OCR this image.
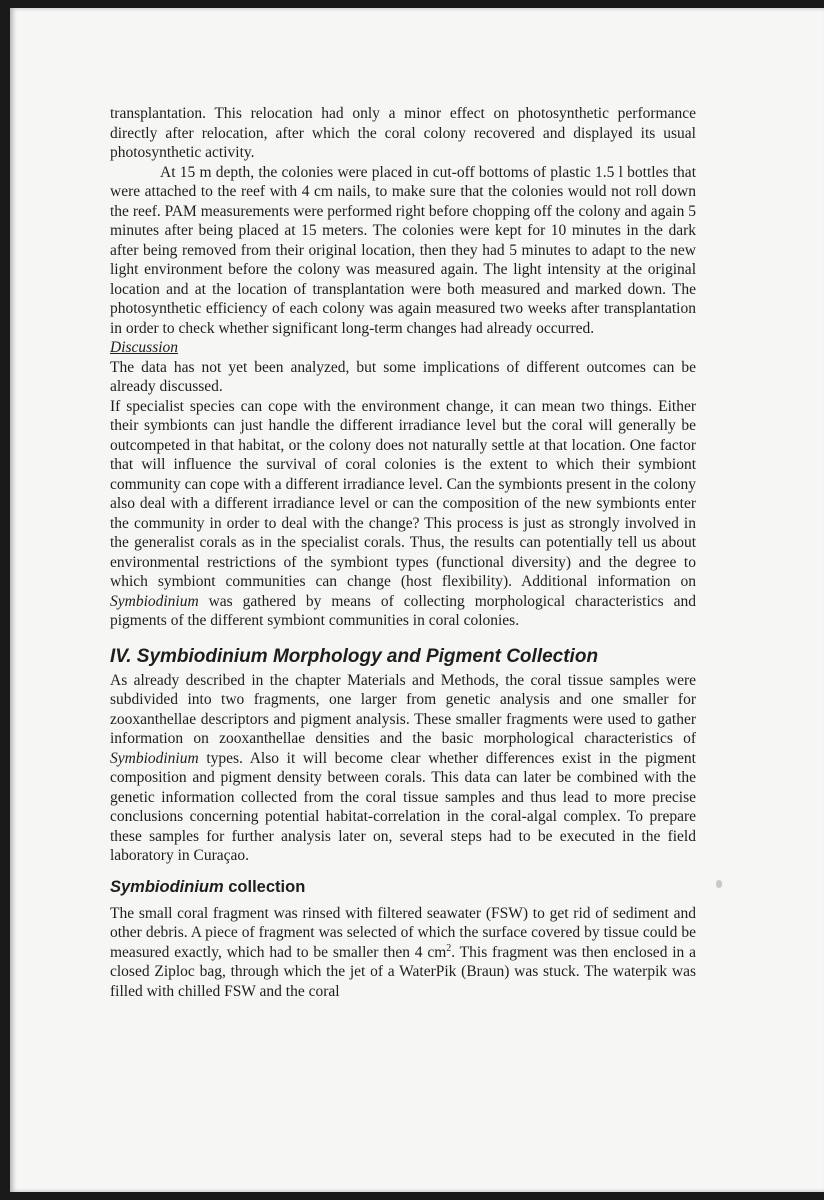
transplantation. This relocation had only a minor effect on photosynthetic performance directly after relocation, after which the coral colony recovered and displayed its usual photosynthetic activity.

At 15 m depth, the colonies were placed in cut-off bottoms of plastic 1.5 l bottles that were attached to the reef with 4 cm nails, to make sure that the colonies would not roll down the reef. PAM measurements were performed right before chopping off the colony and again 5 minutes after being placed at 15 meters. The colonies were kept for 10 minutes in the dark after being removed from their original location, then they had 5 minutes to adapt to the new light environment before the colony was measured again. The light intensity at the original location and at the location of transplantation were both measured and marked down. The photosynthetic efficiency of each colony was again measured two weeks after transplantation in order to check whether significant long-term changes had already occurred.

Discussion

The data has not yet been analyzed, but some implications of different outcomes can be already discussed.

If specialist species can cope with the environment change, it can mean two things. Either their symbionts can just handle the different irradiance level but the coral will generally be outcompeted in that habitat, or the colony does not naturally settle at that location. One factor that will influence the survival of coral colonies is the extent to which their symbiont community can cope with a different irradiance level. Can the symbionts present in the colony also deal with a different irradiance level or can the composition of the new symbionts enter the community in order to deal with the change? This process is just as strongly involved in the generalist corals as in the specialist corals. Thus, the results can potentially tell us about environmental restrictions of the symbiont types (functional diversity) and the degree to which symbiont communities can change (host flexibility). Additional information on Symbiodinium was gathered by means of collecting morphological characteristics and pigments of the different symbiont communities in coral colonies.

IV. Symbiodinium Morphology and Pigment Collection

As already described in the chapter Materials and Methods, the coral tissue samples were subdivided into two fragments, one larger from genetic analysis and one smaller for zooxanthellae descriptors and pigment analysis. These smaller fragments were used to gather information on zooxanthellae densities and the basic morphological characteristics of Symbiodinium types. Also it will become clear whether differences exist in the pigment composition and pigment density between corals. This data can later be combined with the genetic information collected from the coral tissue samples and thus lead to more precise conclusions concerning potential habitat-correlation in the coral-algal complex. To prepare these samples for further analysis later on, several steps had to be executed in the field laboratory in Curaçao.

Symbiodinium collection

The small coral fragment was rinsed with filtered seawater (FSW) to get rid of sediment and other debris. A piece of fragment was selected of which the surface covered by tissue could be measured exactly, which had to be smaller then 4 $cm^2$. This fragment was then enclosed in a closed Ziploc bag, through which the jet of a WaterPik (Braun) was stuck. The waterpik was filled with chilled FSW and the coral
